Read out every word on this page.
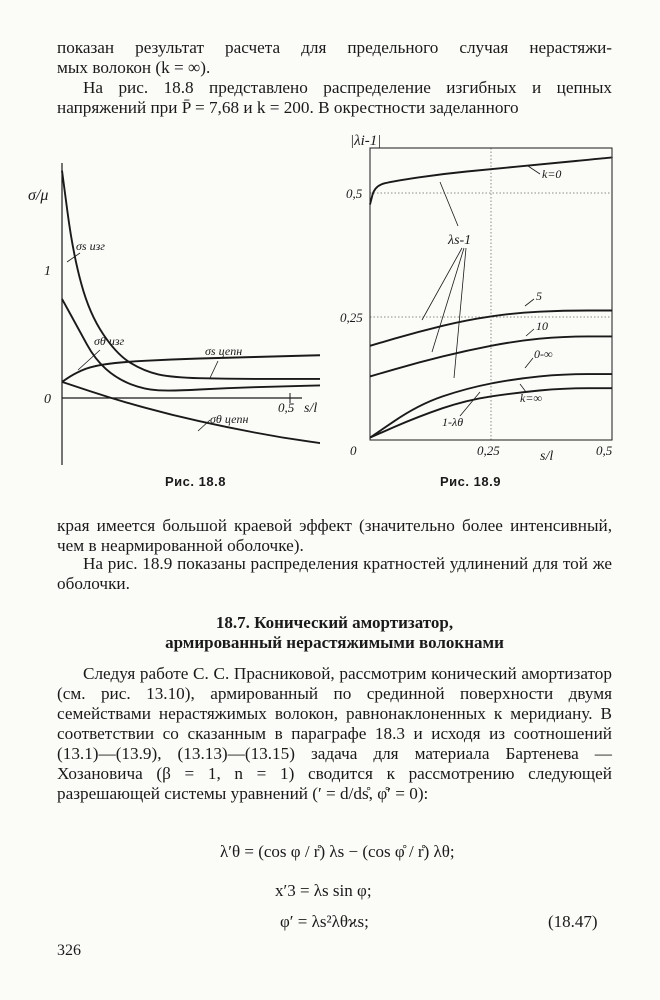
показан результат расчета для предельного случая нерастяжи-

мых волокон (k = ∞).

На рис. 18.8 представлено распределение изгибных и цепных напряжений при P̄ = 7,68 и k = 200. В окрестности заделанного

σ/μ
1
0
0,5 s/l
σs изг
σθ изг
σs цепн
σθ цепн
|λi-1|
0,5
0,25
0	0,25	0,5
s/l
k=0
λs-1
5
10
0-∞
1-λθ
k=∞
Рис. 18.8	Рис. 18.9

края имеется большой краевой эффект (значительно более интенсивный, чем в неармированной оболочке).

На рис. 18.9 показаны распределения кратностей удлинений для той же оболочки.

18.7. Конический амортизатор,
армированный нерастяжимыми волокнами

Следуя работе С. С. Прасниковой, рассмотрим конический амортизатор (см. рис. 13.10), армированный по срединной поверхности двумя семействами нерастяжимых волокон, равнонаклоненных к меридиану. В соответствии со сказанным в параграфе 18.3 и исходя из соотношений (13.1)—(13.9), (13.13)—(13.15) задача для материала Бартенева — Хозановича (β = 1, n = 1) сводится к рассмотрению следующей разрешающей системы уравнений (′ = d/ds̊, φ̊′ = 0):

λ′θ = (cos φ / r̊) λs − (cos φ̊ / r̊) λθ;
x′3 = λs sin φ;
φ′ = λs²λθϰs;	(18.47)
326
